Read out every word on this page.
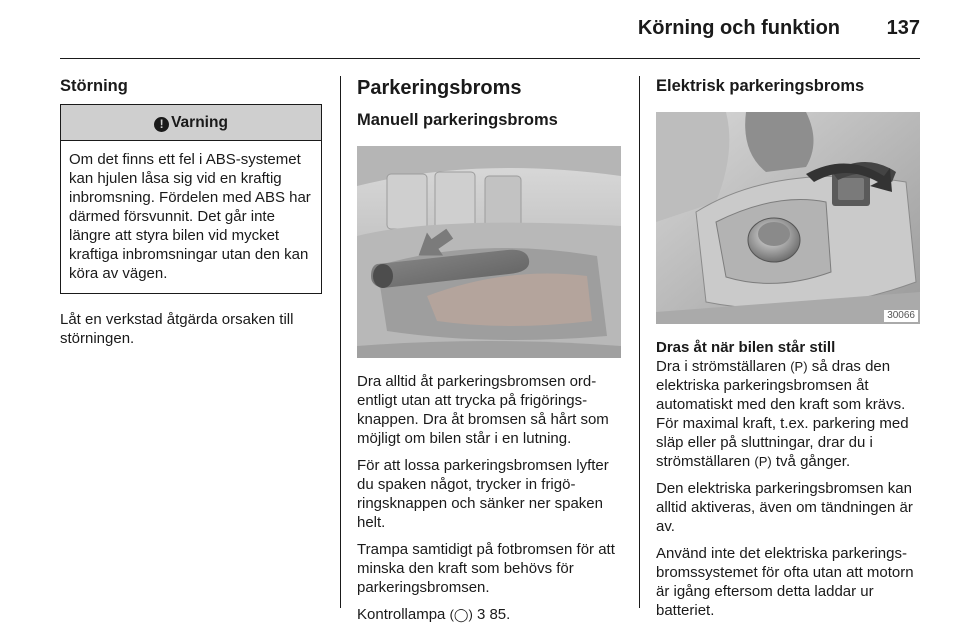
Körning och funktion 137
Störning
! Varning
Om det finns ett fel i ABS-systemet kan hjulen låsa sig vid en kraftig inbromsning. Fördelen med ABS har därmed försvunnit. Det går inte längre att styra bilen vid mycket kraftiga inbromsningar utan den kan köra av vägen.

Låt en verkstad åtgärda orsaken till störningen.

Parkeringsbroms
Manuell parkeringsbroms

Dra alltid åt parkeringsbromsen ordentligt utan att trycka på frigöringsknappen. Dra åt bromsen så hårt som möjligt om bilen står i en lutning.

För att lossa parkeringsbromsen lyfter du spaken något, trycker in frigöringsknappen och sänker ner spaken helt.

Trampa samtidigt på fotbromsen för att minska den kraft som behövs för parkeringsbromsen.

Kontrollampa (◯) 3 85.

Elektrisk parkeringsbroms
30066

Dras åt när bilen står still

Dra i strömställaren (P) så dras den elektriska parkeringsbromsen åt automatiskt med den kraft som krävs. För maximal kraft, t.ex. parkering med släp eller på sluttningar, drar du i strömställaren (P) två gånger.

Den elektriska parkeringsbromsen kan alltid aktiveras, även om tändningen är av.

Använd inte det elektriska parkeringsbromssystemet för ofta utan att motorn är igång eftersom detta laddar ur batteriet.
